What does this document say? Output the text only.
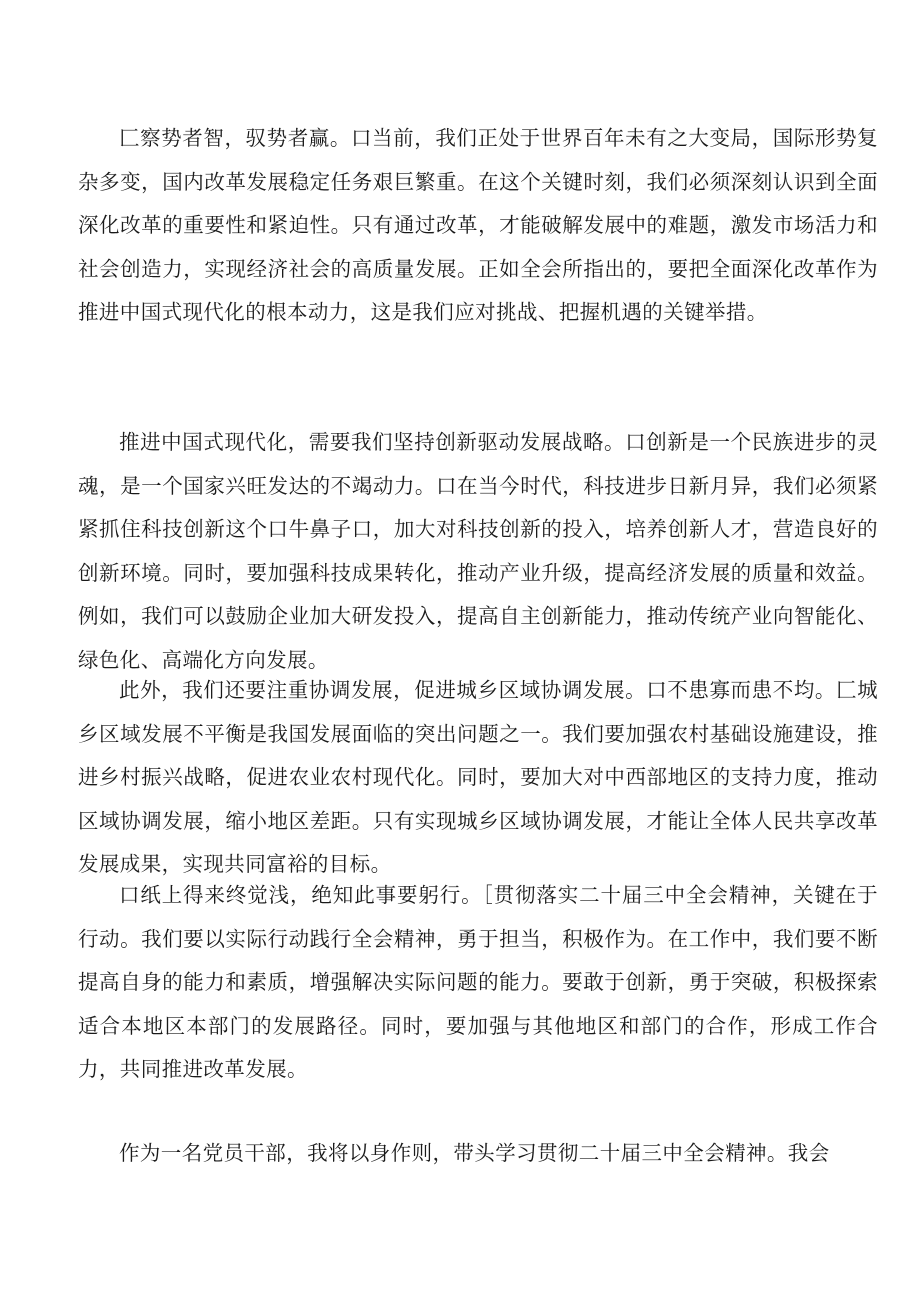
匚察势者智，驭势者赢。口当前，我们正处于世界百年未有之大变局，国际形势复杂多变，国内改革发展稳定任务艰巨繁重。在这个关键时刻，我们必须深刻认识到全面深化改革的重要性和紧迫性。只有通过改革，才能破解发展中的难题，激发市场活力和社会创造力，实现经济社会的高质量发展。正如全会所指出的，要把全面深化改革作为推进中国式现代化的根本动力，这是我们应对挑战、把握机遇的关键举措。

推进中国式现代化，需要我们坚持创新驱动发展战略。口创新是一个民族进步的灵魂，是一个国家兴旺发达的不竭动力。口在当今时代，科技进步日新月异，我们必须紧紧抓住科技创新这个口牛鼻子口，加大对科技创新的投入，培养创新人才，营造良好的创新环境。同时，要加强科技成果转化，推动产业升级，提高经济发展的质量和效益。例如，我们可以鼓励企业加大研发投入，提高自主创新能力，推动传统产业向智能化、绿色化、高端化方向发展。

此外，我们还要注重协调发展，促进城乡区域协调发展。口不患寡而患不均。匚城乡区域发展不平衡是我国发展面临的突出问题之一。我们要加强农村基础设施建设，推进乡村振兴战略，促进农业农村现代化。同时，要加大对中西部地区的支持力度，推动区域协调发展，缩小地区差距。只有实现城乡区域协调发展，才能让全体人民共享改革发展成果，实现共同富裕的目标。

口纸上得来终觉浅，绝知此事要躬行。［贯彻落实二十届三中全会精神，关键在于行动。我们要以实际行动践行全会精神，勇于担当，积极作为。在工作中，我们要不断提高自身的能力和素质，增强解决实际问题的能力。要敢于创新，勇于突破，积极探索适合本地区本部门的发展路径。同时，要加强与其他地区和部门的合作，形成工作合力，共同推进改革发展。

作为一名党员干部，我将以身作则，带头学习贯彻二十届三中全会精神。我会
